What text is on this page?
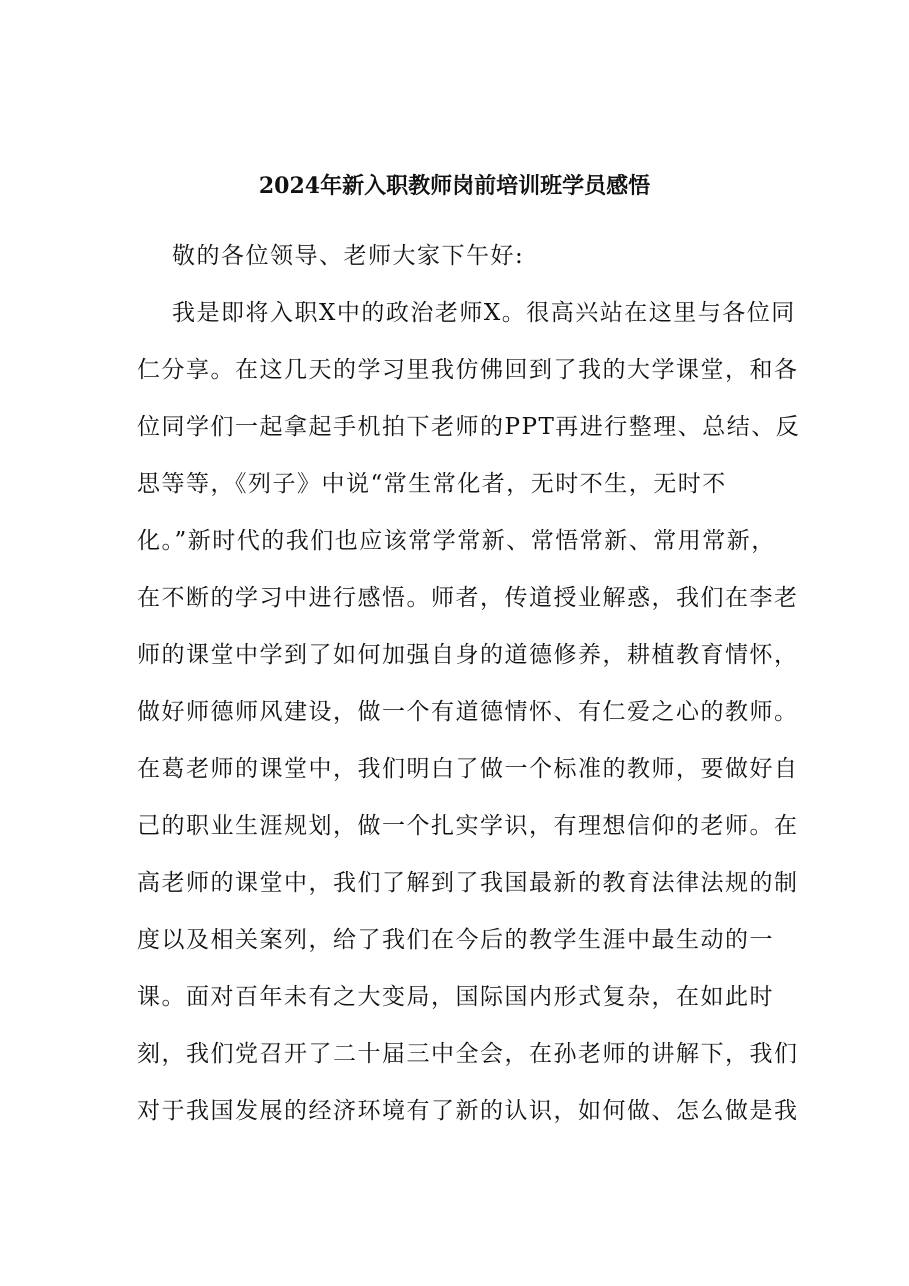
2024年新入职教师岗前培训班学员感悟
敬的各位领导、老师大家下午好:
我是即将入职X中的政治老师X。很高兴站在这里与各位同
仁分享。在这几天的学习里我仿佛回到了我的大学课堂，和各
位同学们一起拿起手机拍下老师的PPT再进行整理、总结、反
思等等，《列子》中说“常生常化者，无时不生，无时不
化。”新时代的我们也应该常学常新、常悟常新、常用常新，
在不断的学习中进行感悟。师者，传道授业解惑，我们在李老
师的课堂中学到了如何加强自身的道德修养，耕植教育情怀，
做好师德师风建设，做一个有道德情怀、有仁爱之心的教师。
在葛老师的课堂中，我们明白了做一个标准的教师，要做好自
己的职业生涯规划，做一个扎实学识，有理想信仰的老师。在
高老师的课堂中，我们了解到了我国最新的教育法律法规的制
度以及相关案列，给了我们在今后的教学生涯中最生动的一
课。面对百年未有之大变局，国际国内形式复杂，在如此时
刻，我们党召开了二十届三中全会，在孙老师的讲解下，我们
对于我国发展的经济环境有了新的认识，如何做、怎么做是我
